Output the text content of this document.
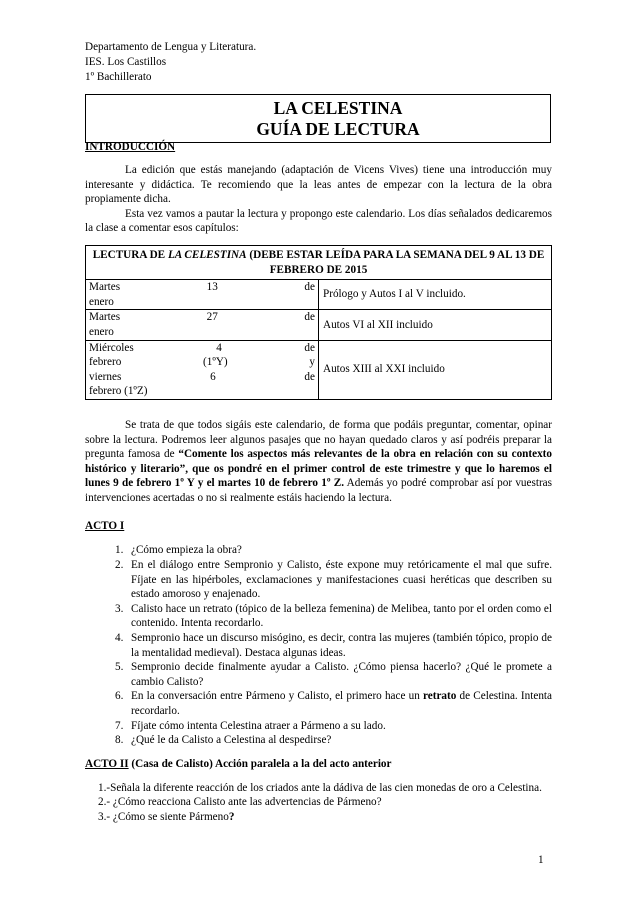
Departamento de Lengua y Literatura.
IES. Los Castillos
1º Bachillerato
LA CELESTINA
GUÍA DE LECTURA
INTRODUCCIÓN

La edición que estás manejando (adaptación de Vicens Vives) tiene una introducción muy interesante y didáctica. Te recomiendo que la leas antes de empezar con la lectura de la obra propiamente dicha.

Esta vez vamos a pautar la lectura y propongo este calendario. Los días señalados dedicaremos la clase a comentar esos capítulos:

LECTURA DE LA CELESTINA (DEBE ESTAR LEÍDA PARA LA SEMANA DEL 9 AL 13 DE FEBRERO DE 2015	

Martes 13 de
enero	Prólogo y Autos I al V incluido.

Martes 27 de
enero	Autos VI al XII incluido

Miércoles 4 de
febrero (1ºY) y
viernes 6 de
febrero (1ºZ)	Autos XIII al XXI incluido

Se trata de que todos sigáis este calendario, de forma que podáis preguntar, comentar, opinar sobre la lectura. Podremos leer algunos pasajes que no hayan quedado claros y así podréis preparar la pregunta famosa de “Comente los aspectos más relevantes de la obra en relación con su contexto histórico y literario”, que os pondré en el primer control de este trimestre y que lo haremos el lunes 9 de febrero 1º Y y el martes 10 de febrero 1º Z. Además yo podré comprobar así por vuestras intervenciones acertadas o no si realmente estáis haciendo la lectura.

ACTO I
1. ¿Cómo empieza la obra?
2. En el diálogo entre Sempronio y Calisto, éste expone muy retóricamente el mal que sufre. Fíjate en las hipérboles, exclamaciones y manifestaciones cuasi heréticas que describen su estado amoroso y enajenado.
3. Calisto hace un retrato (tópico de la belleza femenina) de Melibea, tanto por el orden como el contenido. Intenta recordarlo.
4. Sempronio hace un discurso misógino, es decir, contra las mujeres (también tópico, propio de la mentalidad medieval). Destaca algunas ideas.
5. Sempronio decide finalmente ayudar a Calisto. ¿Cómo piensa hacerlo? ¿Qué le promete a cambio Calisto?
6. En la conversación entre Pármeno y Calisto, el primero hace un retrato de Celestina. Intenta recordarlo.
7. Fíjate cómo intenta Celestina atraer a Pármeno a su lado.
8. ¿Qué le da Calisto a Celestina al despedirse?
ACTO II (Casa de Calisto) Acción paralela a la del acto anterior

1.-Señala la diferente reacción de los criados ante la dádiva de las cien monedas de oro a Celestina.

2.- ¿Cómo reacciona Calisto ante las advertencias de Pármeno?

3.- ¿Cómo se siente Pármeno?

1
